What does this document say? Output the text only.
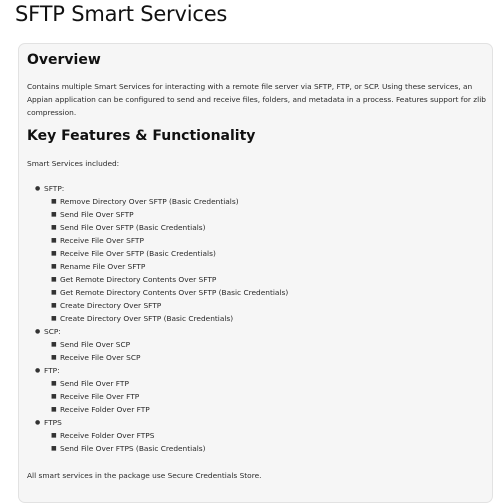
SFTP Smart Services
Overview

Contains multiple Smart Services for interacting with a remote file server via SFTP, FTP, or SCP. Using these services, an Appian application can be configured to send and receive files, folders, and metadata in a process. Features support for zlib compression.

Key Features & Functionality
Smart Services included:
● SFTP:
■ Remove Directory Over SFTP (Basic Credentials)
■ Send File Over SFTP
■ Send File Over SFTP (Basic Credentials)
■ Receive File Over SFTP
■ Receive File Over SFTP (Basic Credentials)
■ Rename File Over SFTP
■ Get Remote Directory Contents Over SFTP
■ Get Remote Directory Contents Over SFTP (Basic Credentials)
■ Create Directory Over SFTP
■ Create Directory Over SFTP (Basic Credentials)
● SCP:
■ Send File Over SCP
■ Receive File Over SCP
● FTP:
■ Send File Over FTP
■ Receive File Over FTP
■ Receive Folder Over FTP
● FTPS
■ Receive Folder Over FTPS
■ Send File Over FTPS (Basic Credentials)
All smart services in the package use Secure Credentials Store.
